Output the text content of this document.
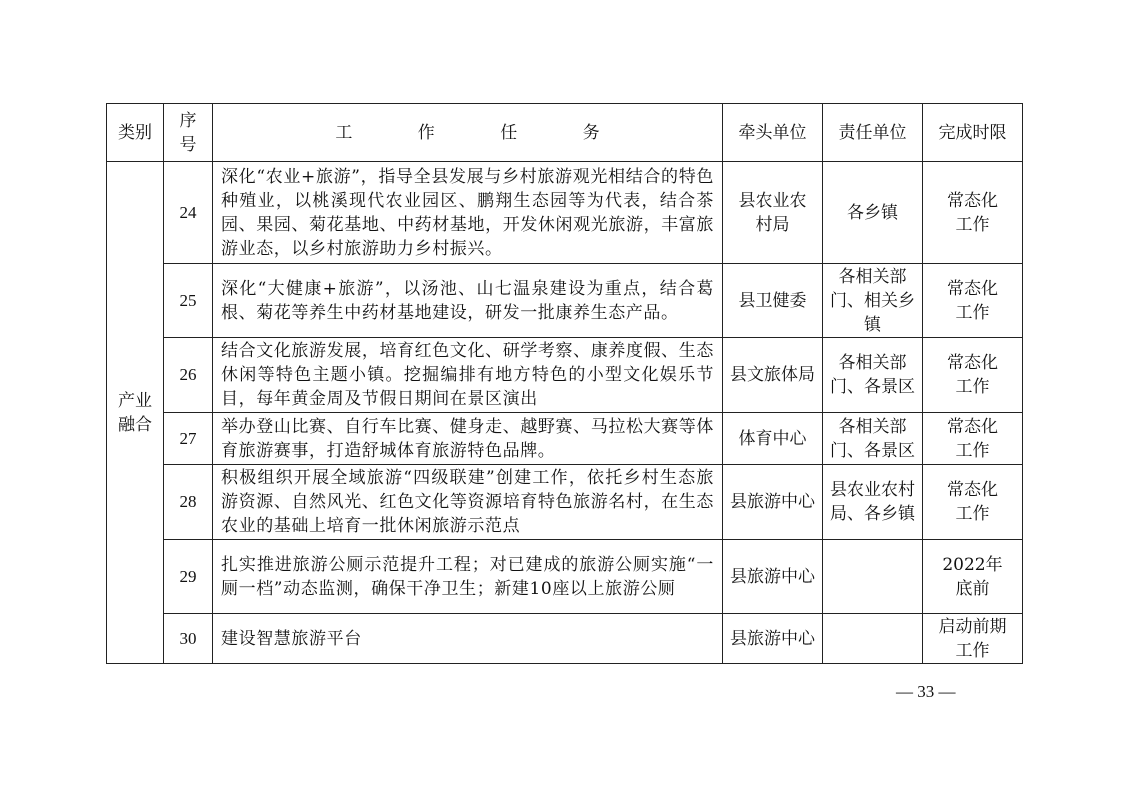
类别	序号	工 作 任 务	牵头单位	责任单位	完成时限
产业融合	24	深化“农业+旅游”，指导全县发展与乡村旅游观光相结合的特色种殖业，以桃溪现代农业园区、鹏翔生态园等为代表，结合茶园、果园、菊花基地、中药材基地，开发休闲观光旅游，丰富旅游业态，以乡村旅游助力乡村振兴。	县农业农村局	各乡镇	常态化工作
	25	深化“大健康+旅游”，以汤池、山七温泉建设为重点，结合葛根、菊花等养生中药材基地建设，研发一批康养生态产品。	县卫健委	各相关部门、相关乡镇	常态化工作
	26	结合文化旅游发展，培育红色文化、研学考察、康养度假、生态休闲等特色主题小镇。挖掘编排有地方特色的小型文化娱乐节目，每年黄金周及节假日期间在景区演出	县文旅体局	各相关部门、各景区	常态化工作
	27	举办登山比赛、自行车比赛、健身走、越野赛、马拉松大赛等体育旅游赛事，打造舒城体育旅游特色品牌。	体育中心	各相关部门、各景区	常态化工作
	28	积极组织开展全域旅游“四级联建”创建工作，依托乡村生态旅游资源、自然风光、红色文化等资源培育特色旅游名村，在生态农业的基础上培育一批休闲旅游示范点	县旅游中心	县农业农村局、各乡镇	常态化工作
	29	扎实推进旅游公厕示范提升工程；对已建成的旅游公厕实施“一厕一档”动态监测，确保干净卫生；新建10座以上旅游公厕	县旅游中心		2022年底前
	30	建设智慧旅游平台	县旅游中心		启动前期工作
— 33 —
